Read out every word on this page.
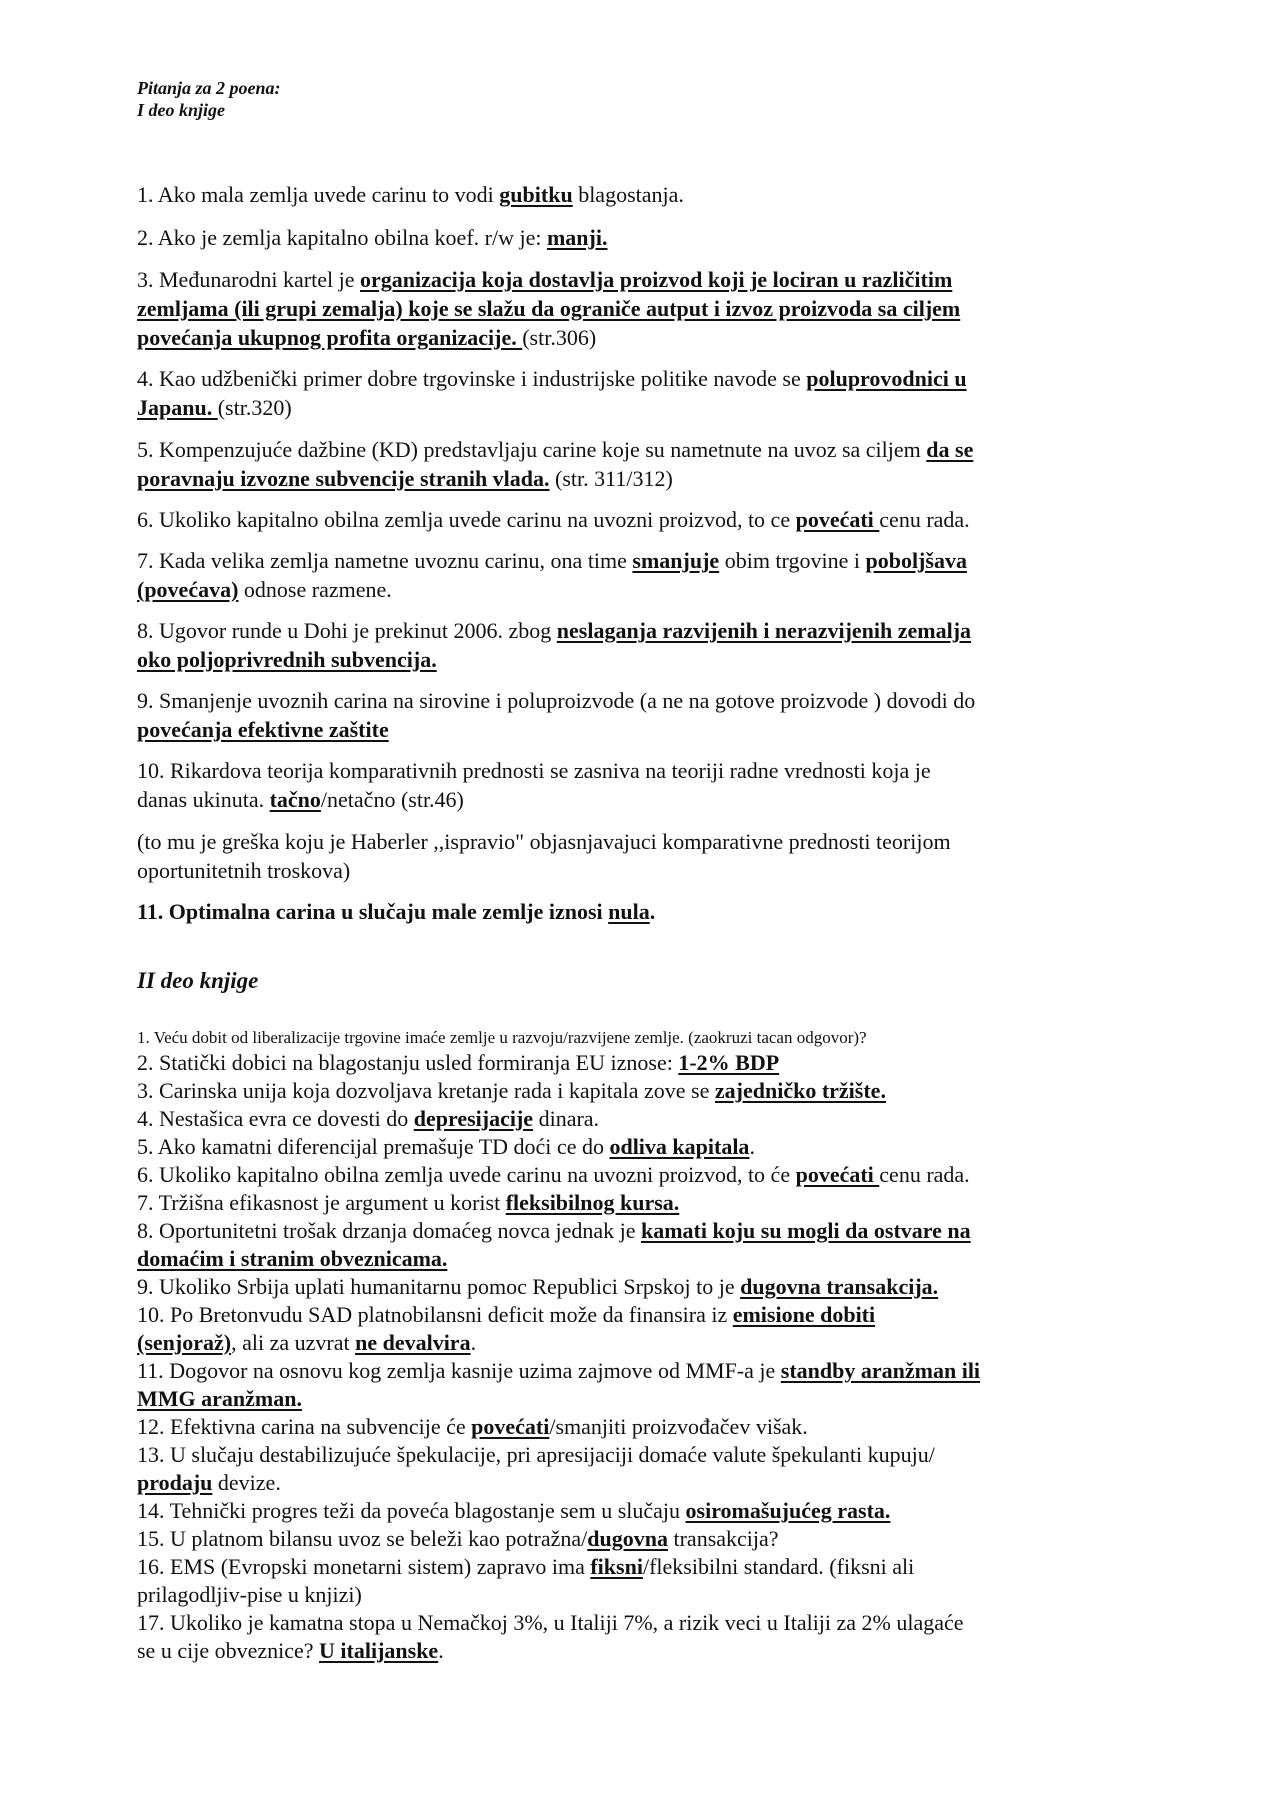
Pitanja za 2 poena:
I deo knjige
1. Ako mala zemlja uvede carinu to vodi gubitku blagostanja.
2. Ako je zemlja kapitalno obilna koef. r/w je: manji.
3. Međunarodni kartel je organizacija koja dostavlja proizvod koji je lociran u različitim
zemljama (ili grupi zemalja) koje se slažu da ograniče autput i izvoz proizvoda sa ciljem
povećanja ukupnog profita organizacije. (str.306)
4. Kao udžbenički primer dobre trgovinske i industrijske politike navode se poluprovodnici u
Japanu. (str.320)
5. Kompenzujuće dažbine (KD) predstavljaju carine koje su nametnute na uvoz sa ciljem da se
poravnaju izvozne subvencije stranih vlada. (str. 311/312)
6. Ukoliko kapitalno obilna zemlja uvede carinu na uvozni proizvod, to ce povećati cenu rada.
7. Kada velika zemlja nametne uvoznu carinu, ona time smanjuje obim trgovine i poboljšava
(povećava) odnose razmene.
8. Ugovor runde u Dohi je prekinut 2006. zbog neslaganja razvijenih i nerazvijenih zemalja
oko poljoprivrednih subvencija.
9. Smanjenje uvoznih carina na sirovine i poluproizvode (a ne na gotove proizvode ) dovodi do
povećanja efektivne zaštite
10. Rikardova teorija komparativnih prednosti se zasniva na teoriji radne vrednosti koja je
danas ukinuta. tačno/netačno (str.46)
(to mu je greška koju je Haberler ,,ispravio" objasnjavajuci komparativne prednosti teorijom
oportunitetnih troskova)
11. Optimalna carina u slučaju male zemlje iznosi nula.
II deo knjige
1. Veću dobit od liberalizacije trgovine imaće zemlje u razvoju/razvijene zemlje. (zaokruzi tacan odgovor)?
2. Statički dobici na blagostanju usled formiranja EU iznose: 1-2% BDP
3. Carinska unija koja dozvoljava kretanje rada i kapitala zove se zajedničko tržište.
4. Nestašica evra ce dovesti do depresijacije dinara.
5. Ako kamatni diferencijal premašuje TD doći ce do odliva kapitala.
6. Ukoliko kapitalno obilna zemlja uvede carinu na uvozni proizvod, to će povećati cenu rada.
7. Tržišna efikasnost je argument u korist fleksibilnog kursa.
8. Oportunitetni trošak drzanja domaćeg novca jednak je kamati koju su mogli da ostvare na
domaćim i stranim obveznicama.
9. Ukoliko Srbija uplati humanitarnu pomoc Republici Srpskoj to je dugovna transakcija.
10. Po Bretonvudu SAD platnobilansni deficit može da finansira iz emisione dobiti
(senjoraž), ali za uzvrat ne devalvira.
11. Dogovor na osnovu kog zemlja kasnije uzima zajmove od MMF-a je standby aranžman ili
MMG aranžman.
12. Efektivna carina na subvencije će povećati/smanjiti proizvođačev višak.
13. U slučaju destabilizujuće špekulacije, pri apresijaciji domaće valute špekulanti kupuju/
prodaju devize.
14. Tehnički progres teži da poveća blagostanje sem u slučaju osiromašujućeg rasta.
15. U platnom bilansu uvoz se beleži kao potražna/dugovna transakcija?
16. EMS (Evropski monetarni sistem) zapravo ima fiksni/fleksibilni standard. (fiksni ali
prilagodljiv-pise u knjizi)
17. Ukoliko je kamatna stopa u Nemačkoj 3%, u Italiji 7%, a rizik veci u Italiji za 2% ulagaće
se u cije obveznice? U italijanske.
